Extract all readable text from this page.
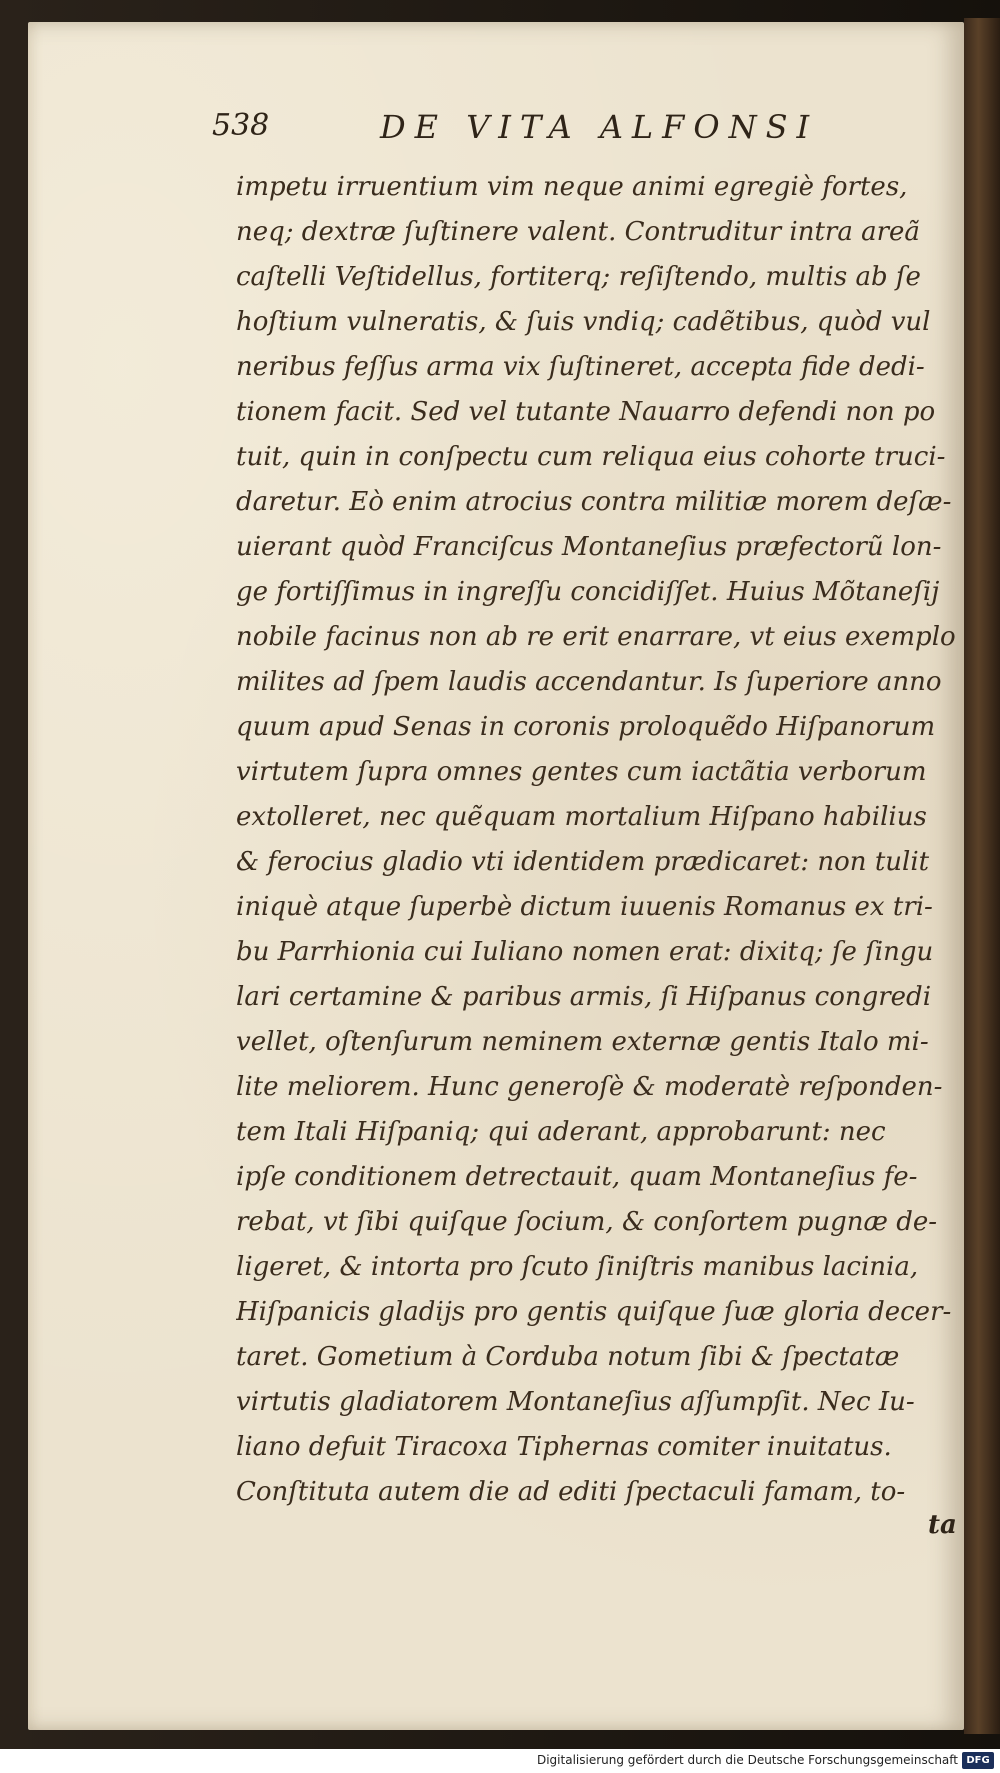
538	DE VITA ALFONSI
impetu irruentium vim neque animi egregiè fortes,
neq; dextræ ſuſtinere valent. Contruditur intra areã
caſtelli Veſtidellus, fortiterq; reſiſtendo, multis ab ſe
hoſtium vulneratis, & ſuis vndiq; cadẽtibus, quòd vul
neribus feſſus arma vix ſuſtineret, accepta fide dedi-
tionem facit. Sed vel tutante Nauarro defendi non po
tuit, quin in conſpectu cum reliqua eius cohorte truci-
daretur. Eò enim atrocius contra militiæ morem deſæ-
uierant quòd Franciſcus Montaneſius præfectorũ lon-
ge fortiſſimus in ingreſſu concidiſſet. Huius Mõtaneſij
nobile facinus non ab re erit enarrare, vt eius exemplo
milites ad ſpem laudis accendantur. Is ſuperiore anno
quum apud Senas in coronis proloquẽdo Hiſpanorum
virtutem ſupra omnes gentes cum iactãtia verborum
extolleret, nec quẽquam mortalium Hiſpano habilius
& ferocius gladio vti identidem prædicaret: non tulit
iniquè atque ſuperbè dictum iuuenis Romanus ex tri-
bu Parrhionia cui Iuliano nomen erat: dixitq; ſe ſingu
lari certamine & paribus armis, ſi Hiſpanus congredi
vellet, oſtenſurum neminem externæ gentis Italo mi-
lite meliorem. Hunc generoſè & moderatè reſponden-
tem Itali Hiſpaniq; qui aderant, approbarunt: nec
ipſe conditionem detrectauit, quam Montaneſius fe-
rebat, vt ſibi quiſque ſocium, & conſortem pugnæ de-
ligeret, & intorta pro ſcuto ſiniſtris manibus lacinia,
Hiſpanicis gladijs pro gentis quiſque ſuæ gloria decer-
taret. Gometium à Corduba notum ſibi & ſpectatæ
virtutis gladiatorem Montaneſius aſſumpſit. Nec Iu-
liano defuit Tiracoxa Tiphernas comiter inuitatus.
Conſtituta autem die ad editi ſpectaculi famam, to-
ta
Digitalisierung gefördert durch die Deutsche Forschungsgemeinschaft DFG
